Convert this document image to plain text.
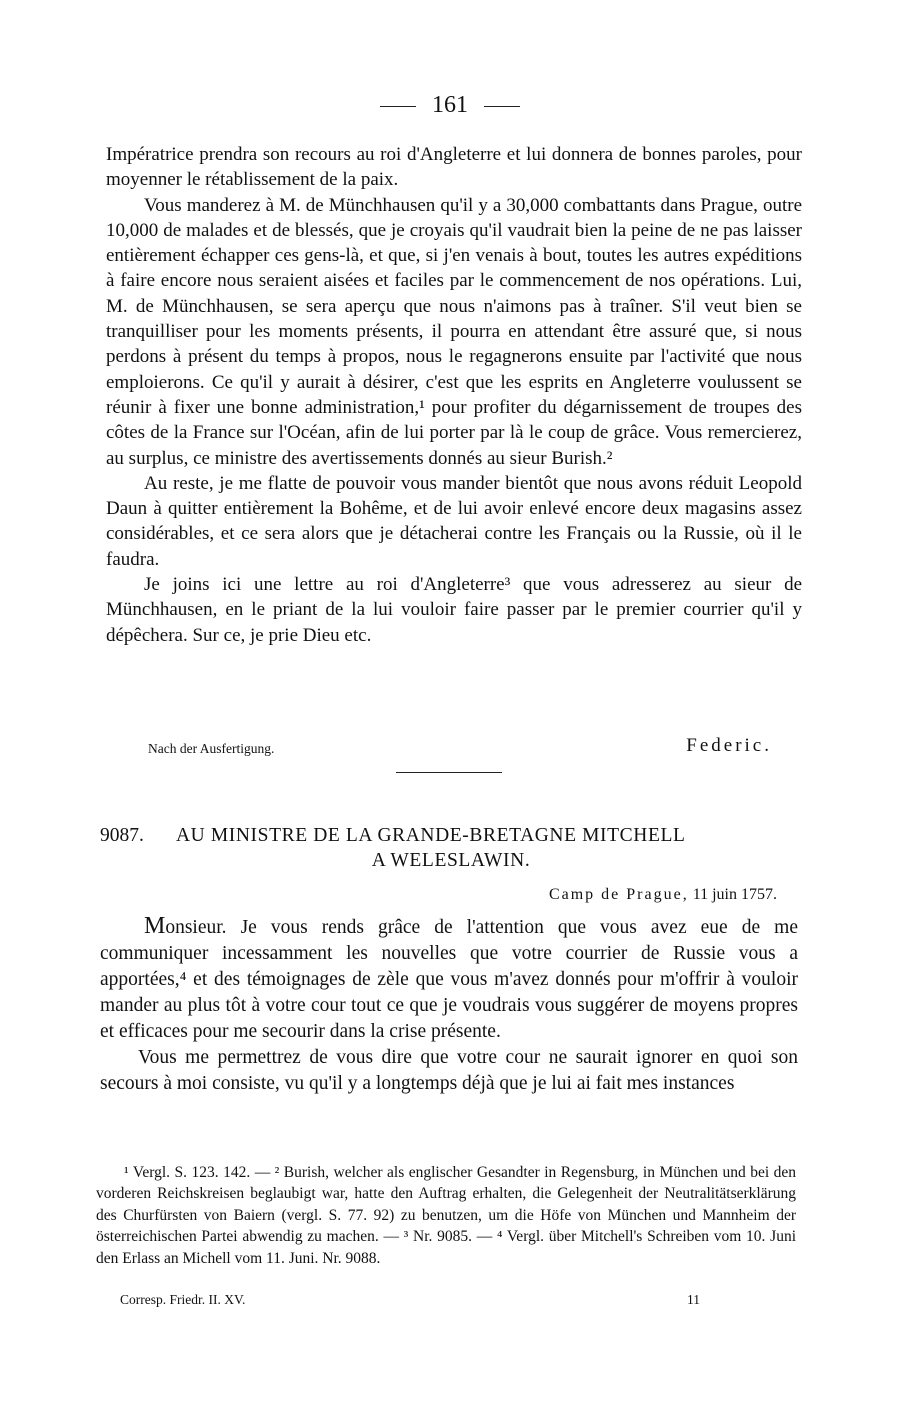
161

Impératrice prendra son recours au roi d'Angleterre et lui donnera de bonnes paroles, pour moyenner le rétablissement de la paix.

Vous manderez à M. de Münchhausen qu'il y a 30,000 combattants dans Prague, outre 10,000 de malades et de blessés, que je croyais qu'il vaudrait bien la peine de ne pas laisser entièrement échapper ces gens-là, et que, si j'en venais à bout, toutes les autres expéditions à faire encore nous seraient aisées et faciles par le commencement de nos opérations. Lui, M. de Münchhausen, se sera aperçu que nous n'aimons pas à traîner. S'il veut bien se tranquilliser pour les moments présents, il pourra en attendant être assuré que, si nous perdons à présent du temps à propos, nous le regagnerons ensuite par l'activité que nous emploierons. Ce qu'il y aurait à désirer, c'est que les esprits en Angleterre voulussent se réunir à fixer une bonne administration,¹ pour profiter du dégarnissement de troupes des côtes de la France sur l'Océan, afin de lui porter par là le coup de grâce. Vous remercierez, au surplus, ce ministre des avertissements donnés au sieur Burish.²

Au reste, je me flatte de pouvoir vous mander bientôt que nous avons réduit Leopold Daun à quitter entièrement la Bohême, et de lui avoir enlevé encore deux magasins assez considérables, et ce sera alors que je détacherai contre les Français ou la Russie, où il le faudra.

Je joins ici une lettre au roi d'Angleterre³ que vous adresserez au sieur de Münchhausen, en le priant de la lui vouloir faire passer par le premier courrier qu'il y dépêchera. Sur ce, je prie Dieu etc.

Nach der Ausfertigung.	Federic.
9087. AU MINISTRE DE LA GRANDE-BRETAGNE MITCHELL
A WELESLAWIN.
Camp de Prague, 11 juin 1757.

Monsieur. Je vous rends grâce de l'attention que vous avez eue de me communiquer incessamment les nouvelles que votre courrier de Russie vous a apportées,⁴ et des témoignages de zèle que vous m'avez donnés pour m'offrir à vouloir mander au plus tôt à votre cour tout ce que je voudrais vous suggérer de moyens propres et efficaces pour me secourir dans la crise présente.

Vous me permettrez de vous dire que votre cour ne saurait ignorer en quoi son secours à moi consiste, vu qu'il y a longtemps déjà que je lui ai fait mes instances

¹ Vergl. S. 123. 142. — ² Burish, welcher als englischer Gesandter in Regensburg, in München und bei den vorderen Reichskreisen beglaubigt war, hatte den Auftrag erhalten, die Gelegenheit der Neutralitätserklärung des Churfürsten von Baiern (vergl. S. 77. 92) zu benutzen, um die Höfe von München und Mannheim der österreichischen Partei abwendig zu machen. — ³ Nr. 9085. — ⁴ Vergl. über Mitchell's Schreiben vom 10. Juni den Erlass an Michell vom 11. Juni. Nr. 9088.

Corresp. Friedr. II. XV.	11
